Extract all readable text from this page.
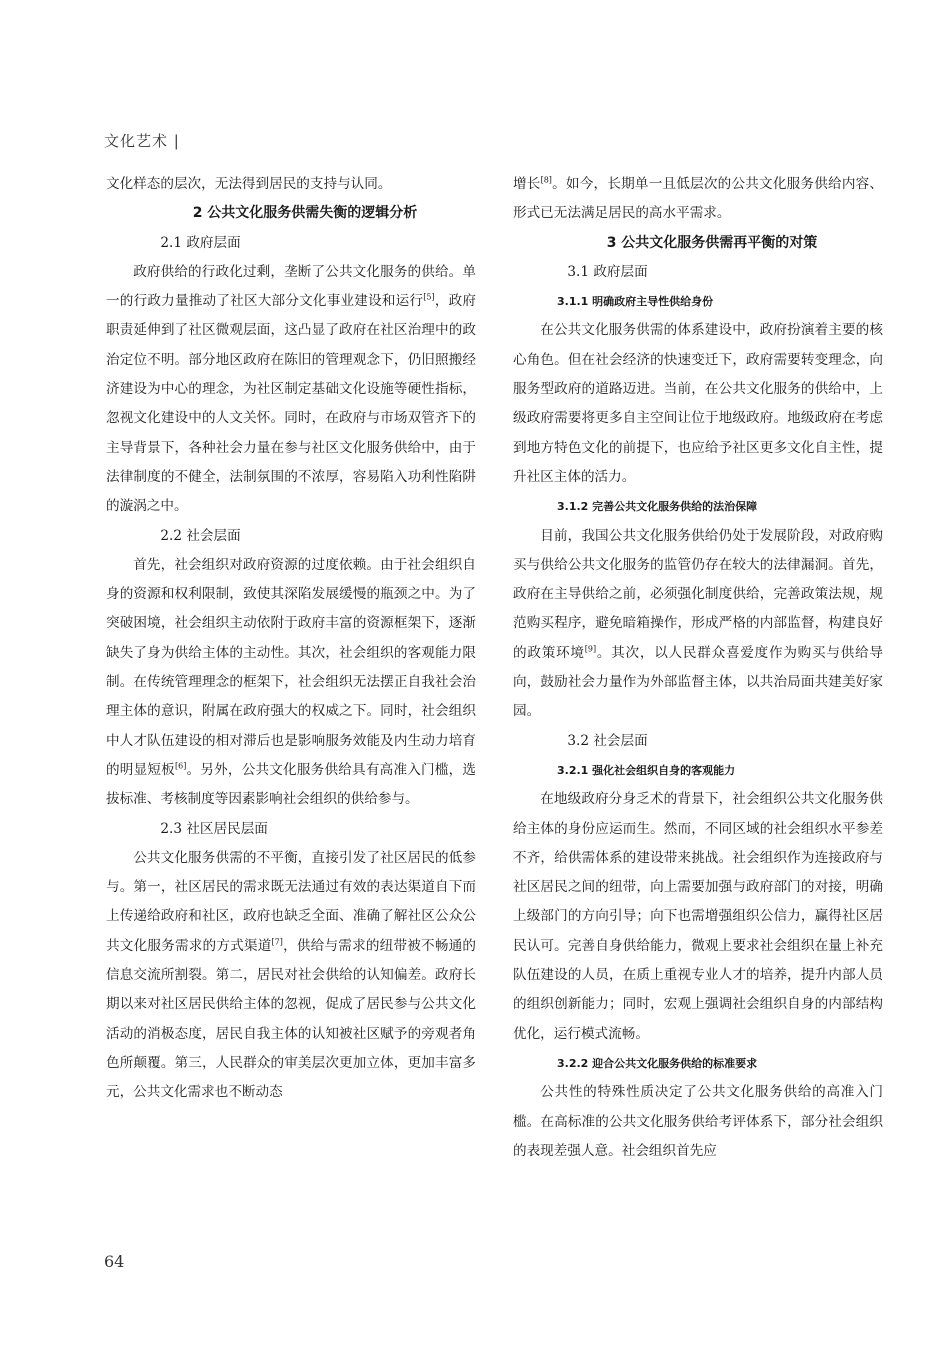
文化艺术 |

文化样态的层次，无法得到居民的支持与认同。

2 公共文化服务供需失衡的逻辑分析

2.1 政府层面

政府供给的行政化过剩，垄断了公共文化服务的供给。单一的行政力量推动了社区大部分文化事业建设和运行[5]，政府职责延伸到了社区微观层面，这凸显了政府在社区治理中的政治定位不明。部分地区政府在陈旧的管理观念下，仍旧照搬经济建设为中心的理念，为社区制定基础文化设施等硬性指标，忽视文化建设中的人文关怀。同时，在政府与市场双管齐下的主导背景下，各种社会力量在参与社区文化服务供给中，由于法律制度的不健全，法制氛围的不浓厚，容易陷入功利性陷阱的漩涡之中。

2.2 社会层面

首先，社会组织对政府资源的过度依赖。由于社会组织自身的资源和权利限制，致使其深陷发展缓慢的瓶颈之中。为了突破困境，社会组织主动依附于政府丰富的资源框架下，逐渐缺失了身为供给主体的主动性。其次，社会组织的客观能力限制。在传统管理理念的框架下，社会组织无法摆正自我社会治理主体的意识，附属在政府强大的权威之下。同时，社会组织中人才队伍建设的相对滞后也是影响服务效能及内生动力培育的明显短板[6]。另外，公共文化服务供给具有高准入门槛，选拔标准、考核制度等因素影响社会组织的供给参与。

2.3 社区居民层面

公共文化服务供需的不平衡，直接引发了社区居民的低参与。第一，社区居民的需求既无法通过有效的表达渠道自下而上传递给政府和社区，政府也缺乏全面、准确了解社区公众公共文化服务需求的方式渠道[7]，供给与需求的纽带被不畅通的信息交流所割裂。第二，居民对社会供给的认知偏差。政府长期以来对社区居民供给主体的忽视，促成了居民参与公共文化活动的消极态度，居民自我主体的认知被社区赋予的旁观者角色所颠覆。第三，人民群众的审美层次更加立体，更加丰富多元，公共文化需求也不断动态

增长[8]。如今，长期单一且低层次的公共文化服务供给内容、形式已无法满足居民的高水平需求。

3 公共文化服务供需再平衡的对策

3.1 政府层面

3.1.1 明确政府主导性供给身份

在公共文化服务供需的体系建设中，政府扮演着主要的核心角色。但在社会经济的快速变迁下，政府需要转变理念，向服务型政府的道路迈进。当前，在公共文化服务的供给中，上级政府需要将更多自主空间让位于地级政府。地级政府在考虑到地方特色文化的前提下，也应给予社区更多文化自主性，提升社区主体的活力。

3.1.2 完善公共文化服务供给的法治保障

目前，我国公共文化服务供给仍处于发展阶段，对政府购买与供给公共文化服务的监管仍存在较大的法律漏洞。首先，政府在主导供给之前，必须强化制度供给，完善政策法规，规范购买程序，避免暗箱操作，形成严格的内部监督，构建良好的政策环境[9]。其次，以人民群众喜爱度作为购买与供给导向，鼓励社会力量作为外部监督主体，以共治局面共建美好家园。

3.2 社会层面

3.2.1 强化社会组织自身的客观能力

在地级政府分身乏术的背景下，社会组织公共文化服务供给主体的身份应运而生。然而，不同区域的社会组织水平参差不齐，给供需体系的建设带来挑战。社会组织作为连接政府与社区居民之间的纽带，向上需要加强与政府部门的对接，明确上级部门的方向引导；向下也需增强组织公信力，赢得社区居民认可。完善自身供给能力，微观上要求社会组织在量上补充队伍建设的人员，在质上重视专业人才的培养，提升内部人员的组织创新能力；同时，宏观上强调社会组织自身的内部结构优化，运行模式流畅。

3.2.2 迎合公共文化服务供给的标准要求

公共性的特殊性质决定了公共文化服务供给的高准入门槛。在高标准的公共文化服务供给考评体系下，部分社会组织的表现差强人意。社会组织首先应

64
